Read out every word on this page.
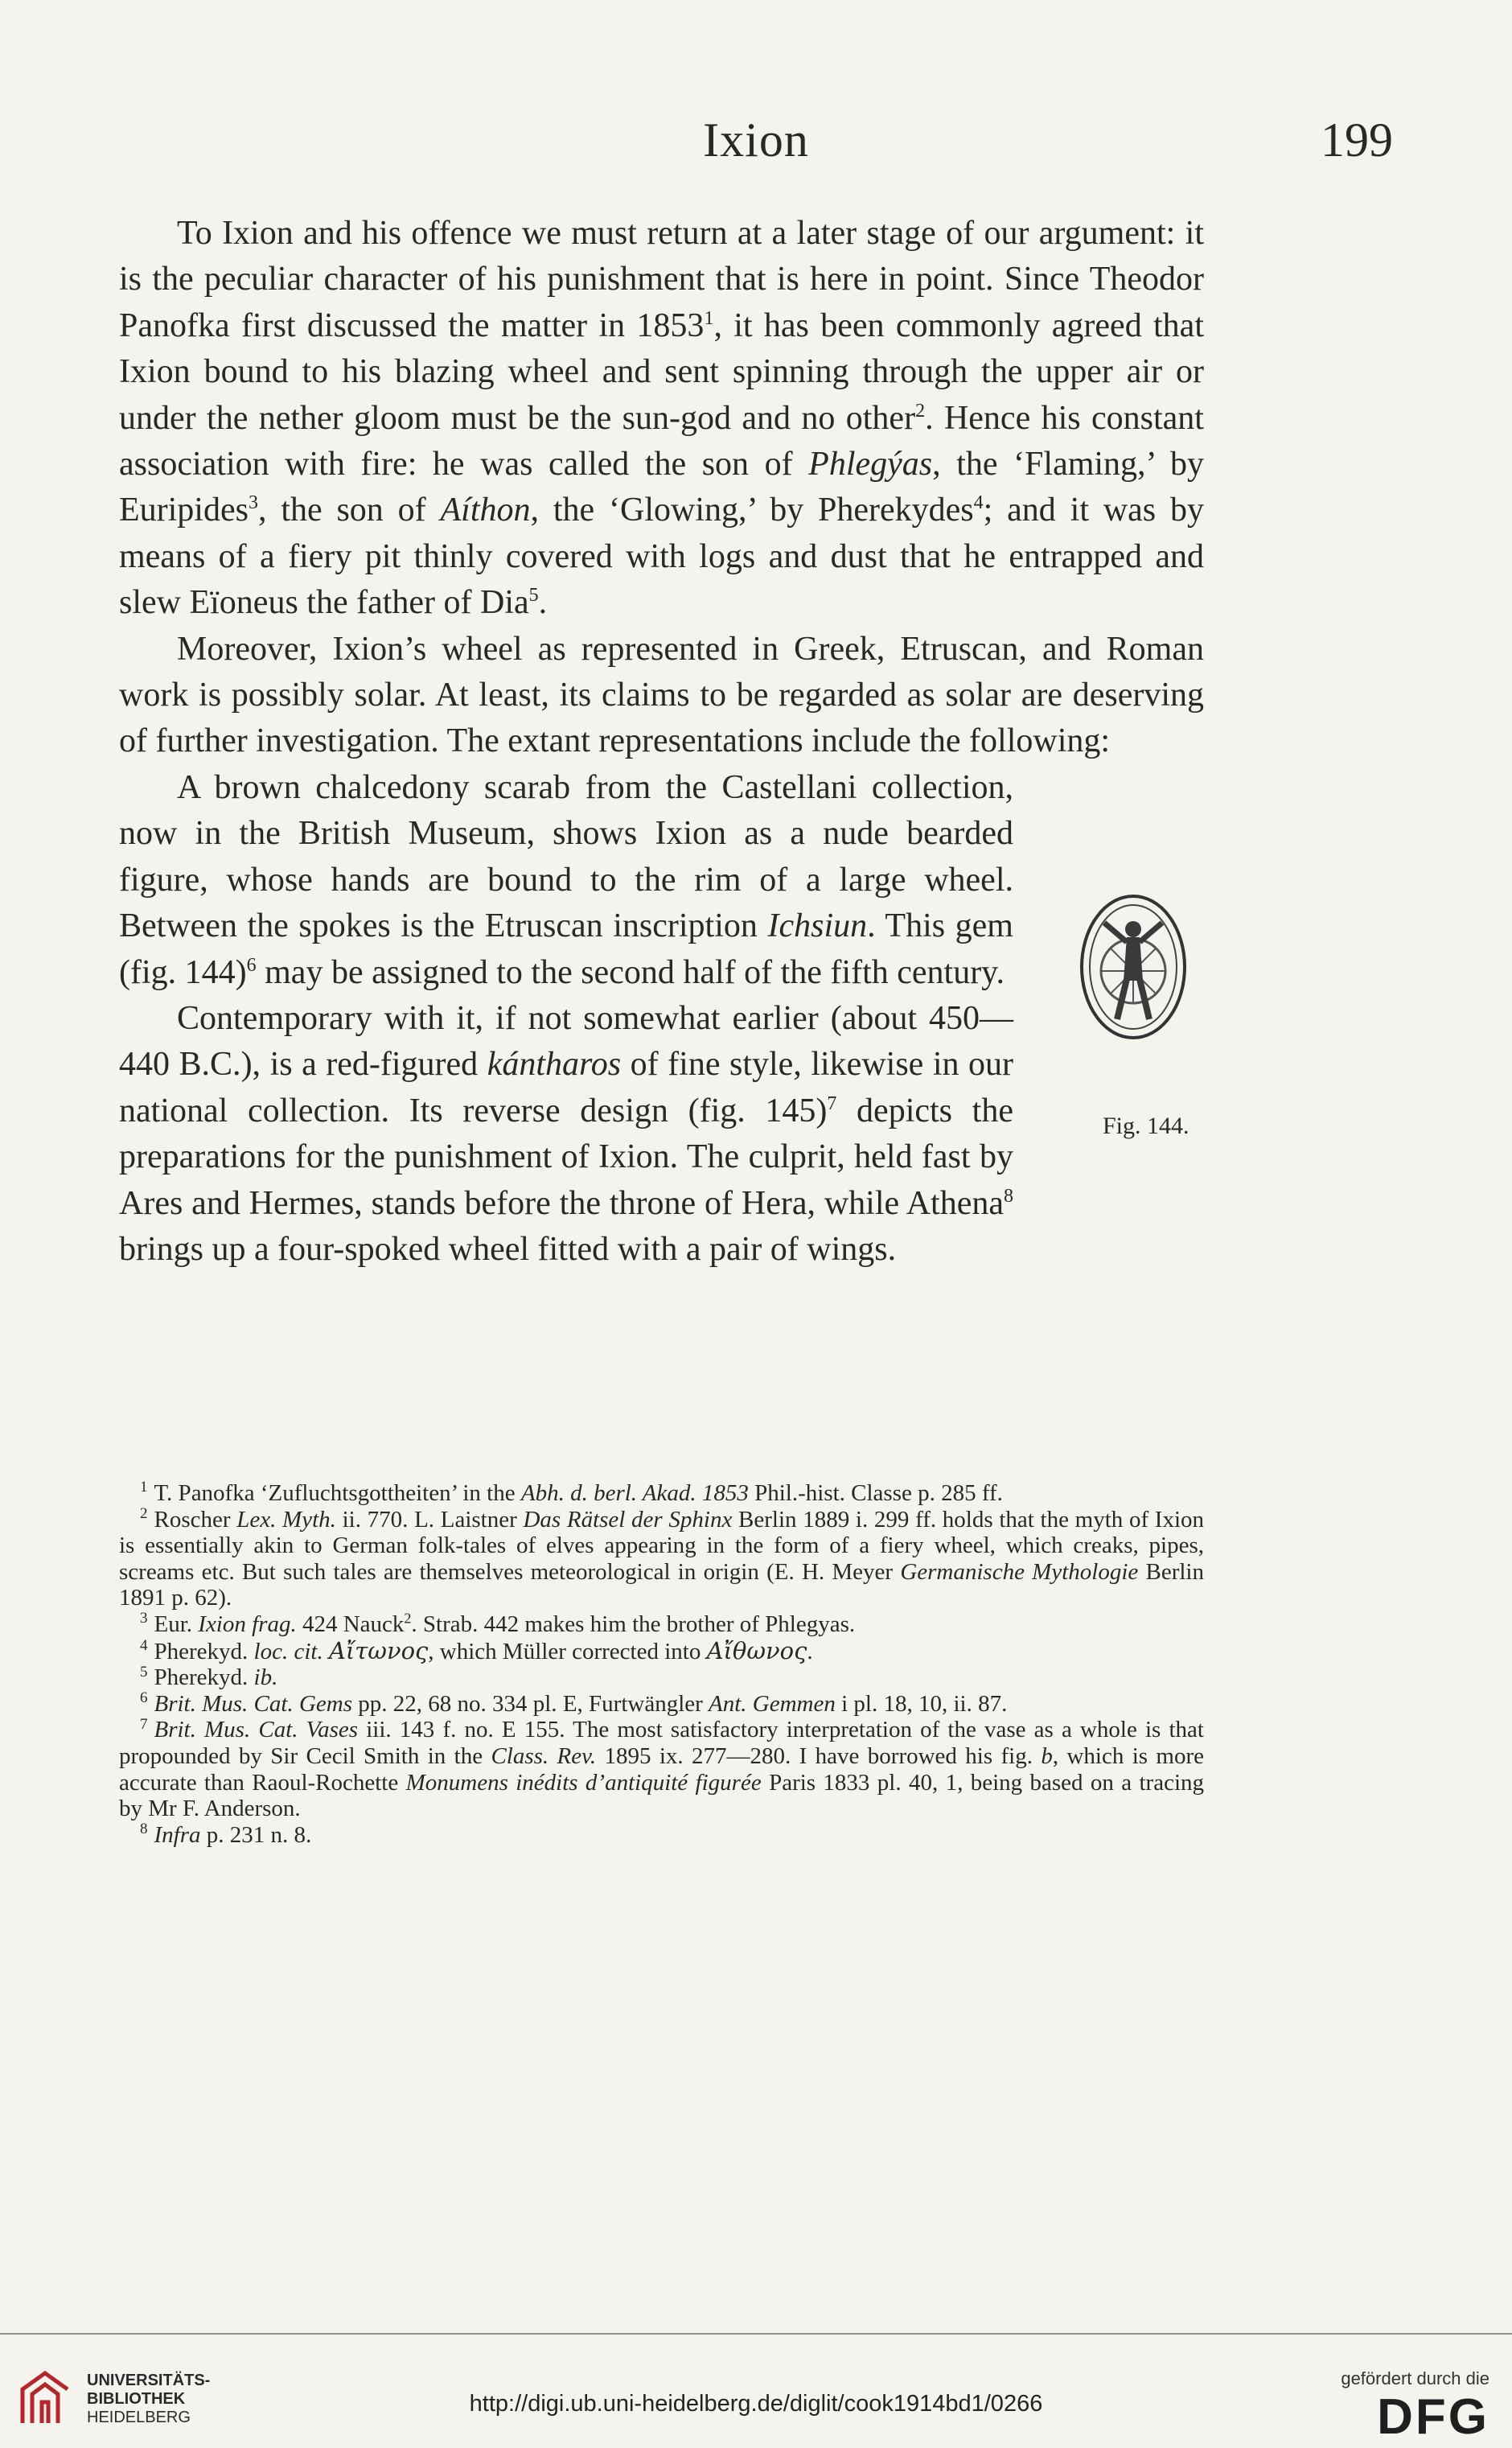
Ixion	199

To Ixion and his offence we must return at a later stage of our argument: it is the peculiar character of his punishment that is here in point. Since Theodor Panofka first discussed the matter in 1853$^1$, it has been commonly agreed that Ixion bound to his blazing wheel and sent spinning through the upper air or under the nether gloom must be the sun-god and no other$^2$. Hence his constant association with fire: he was called the son of Phlegýas, the ‘Flaming,’ by Euripides$^3$, the son of Aíthon, the ‘Glowing,’ by Pherekydes$^4$; and it was by means of a fiery pit thinly covered with logs and dust that he entrapped and slew Eïoneus the father of Dia$^5$.

Moreover, Ixion’s wheel as represented in Greek, Etruscan, and Roman work is possibly solar. At least, its claims to be regarded as solar are deserving of further investigation. The extant representations include the following:

A brown chalcedony scarab from the Castellani collection, now in the British Museum, shows Ixion as a nude bearded figure, whose hands are bound to the rim of a large wheel. Between the spokes is the Etruscan inscription Ichsiun. This gem (fig. 144)$^6$ may be assigned to the second half of the fifth century.

Contemporary with it, if not somewhat earlier (about 450—440 B.C.), is a red-figured kántharos of fine style, likewise in our national collection. Its reverse design (fig. 145)$^7$ depicts the preparations for the punishment of Ixion. The culprit, held fast by Ares and Hermes, stands before the throne of Hera, while Athena$^8$ brings up a four-spoked wheel fitted with a pair of wings.

Fig. 144.

$^1$ T. Panofka ‘Zufluchtsgottheiten’ in the Abh. d. berl. Akad. 1853 Phil.-hist. Classe p. 285 ff.

$^2$ Roscher Lex. Myth. ii. 770. L. Laistner Das Rätsel der Sphinx Berlin 1889 i. 299 ff. holds that the myth of Ixion is essentially akin to German folk-tales of elves appearing in the form of a fiery wheel, which creaks, pipes, screams etc. But such tales are themselves meteorological in origin (E. H. Meyer Germanische Mythologie Berlin 1891 p. 62).

$^3$ Eur. Ixion frag. 424 Nauck$^2$. Strab. 442 makes him the brother of Phlegyas.

$^4$ Pherekyd. loc. cit. Αἴτωνος, which Müller corrected into Αἴθωνος.

$^5$ Pherekyd. ib.

$^6$ Brit. Mus. Cat. Gems pp. 22, 68 no. 334 pl. E, Furtwängler Ant. Gemmen i pl. 18, 10, ii. 87.

$^7$ Brit. Mus. Cat. Vases iii. 143 f. no. E 155. The most satisfactory interpretation of the vase as a whole is that propounded by Sir Cecil Smith in the Class. Rev. 1895 ix. 277—280. I have borrowed his fig. b, which is more accurate than Raoul-Rochette Monumens inédits d’antiquité figurée Paris 1833 pl. 40, 1, being based on a tracing by Mr F. Anderson.

$^8$ Infra p. 231 n. 8.

UNIVERSITÄTS-
BIBLIOTHEK
HEIDELBERG
http://digi.ub.uni-heidelberg.de/diglit/cook1914bd1/0266
gefördert durch die
DFG
